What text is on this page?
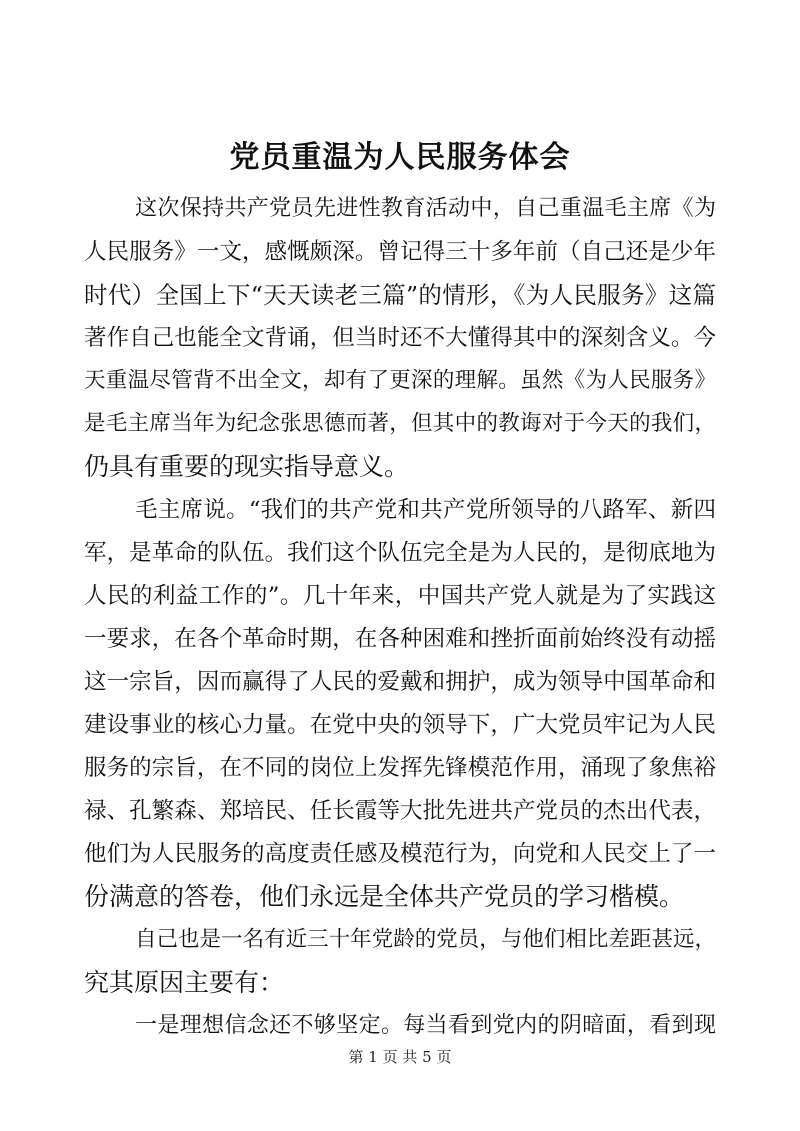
党员重温为人民服务体会
这次保持共产党员先进性教育活动中，自己重温毛主席《为
人民服务》一文，感慨颇深。曾记得三十多年前（自己还是少年
时代）全国上下“天天读老三篇”的情形，《为人民服务》这篇
著作自己也能全文背诵，但当时还不大懂得其中的深刻含义。今
天重温尽管背不出全文，却有了更深的理解。虽然《为人民服务》
是毛主席当年为纪念张思德而著，但其中的教诲对于今天的我们，
仍具有重要的现实指导意义。
毛主席说。“我们的共产党和共产党所领导的八路军、新四
军，是革命的队伍。我们这个队伍完全是为人民的，是彻底地为
人民的利益工作的”。几十年来，中国共产党人就是为了实践这
一要求，在各个革命时期，在各种困难和挫折面前始终没有动摇
这一宗旨，因而赢得了人民的爱戴和拥护，成为领导中国革命和
建设事业的核心力量。在党中央的领导下，广大党员牢记为人民
服务的宗旨，在不同的岗位上发挥先锋模范作用，涌现了象焦裕
禄、孔繁森、郑培民、任长霞等大批先进共产党员的杰出代表，
他们为人民服务的高度责任感及模范行为，向党和人民交上了一
份满意的答卷，他们永远是全体共产党员的学习楷模。
自己也是一名有近三十年党龄的党员，与他们相比差距甚远，
究其原因主要有：
一是理想信念还不够坚定。每当看到党内的阴暗面，看到现
第 1 页 共 5 页
